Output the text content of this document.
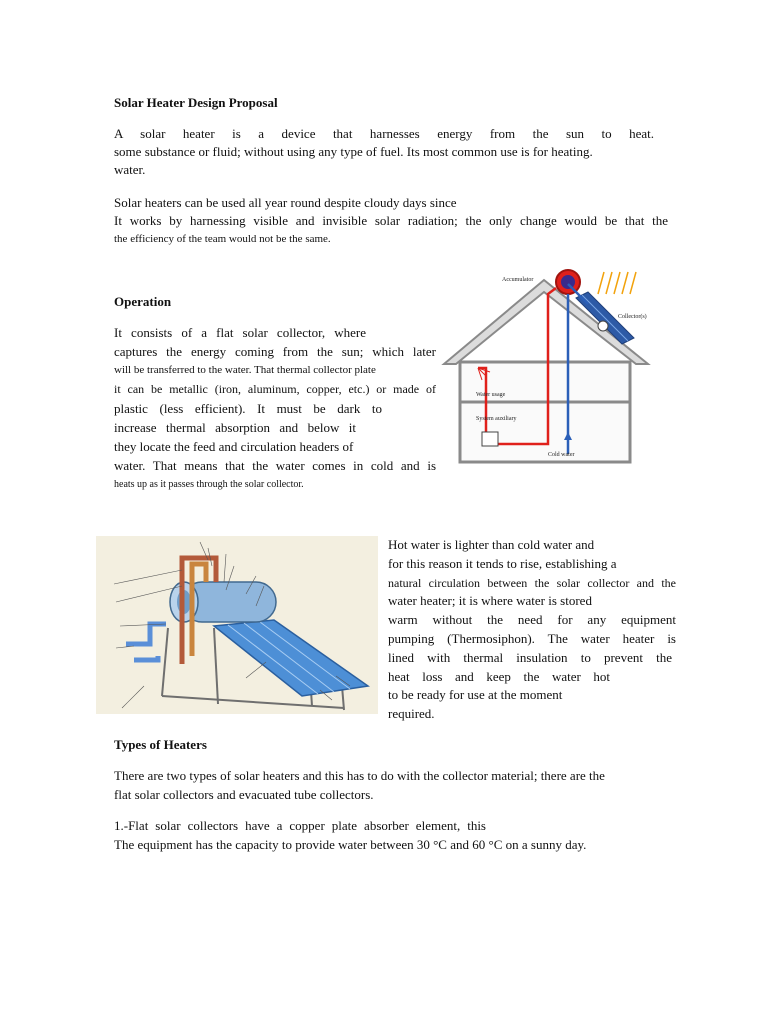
Solar Heater Design Proposal
A solar heater is a device that harnesses energy from the sun to heat.
some substance or fluid; without using any type of fuel. Its most common use is for heating.
water.
Solar heaters can be used all year round despite cloudy days since
It works by harnessing visible and invisible solar radiation; the only change would be that the
the efficiency of the team would not be the same.
Operation
It consists of a flat solar collector, where
captures the energy coming from the sun; which later
will be transferred to the water. That thermal collector plate
it can be metallic (iron, aluminum, copper, etc.) or made of
plastic (less efficient). It must be dark to
increase thermal absorption and below it
they locate the feed and circulation headers of
water. That means that the water comes in cold and is
heats up as it passes through the solar collector.
Accumulator
Collector(s)
Water usage
System auxiliary
Cold water
Hot water is lighter than cold water and
for this reason it tends to rise, establishing a
natural circulation between the solar collector and the
water heater; it is where water is stored
warm without the need for any equipment
pumping (Thermosiphon). The water heater is
lined with thermal insulation to prevent the
heat loss and keep the water hot
to be ready for use at the moment
required.
Types of Heaters
There are two types of solar heaters and this has to do with the collector material; there are the
flat solar collectors and evacuated tube collectors.
1.-Flat solar collectors have a copper plate absorber element, this
The equipment has the capacity to provide water between 30 °C and 60 °C on a sunny day.
